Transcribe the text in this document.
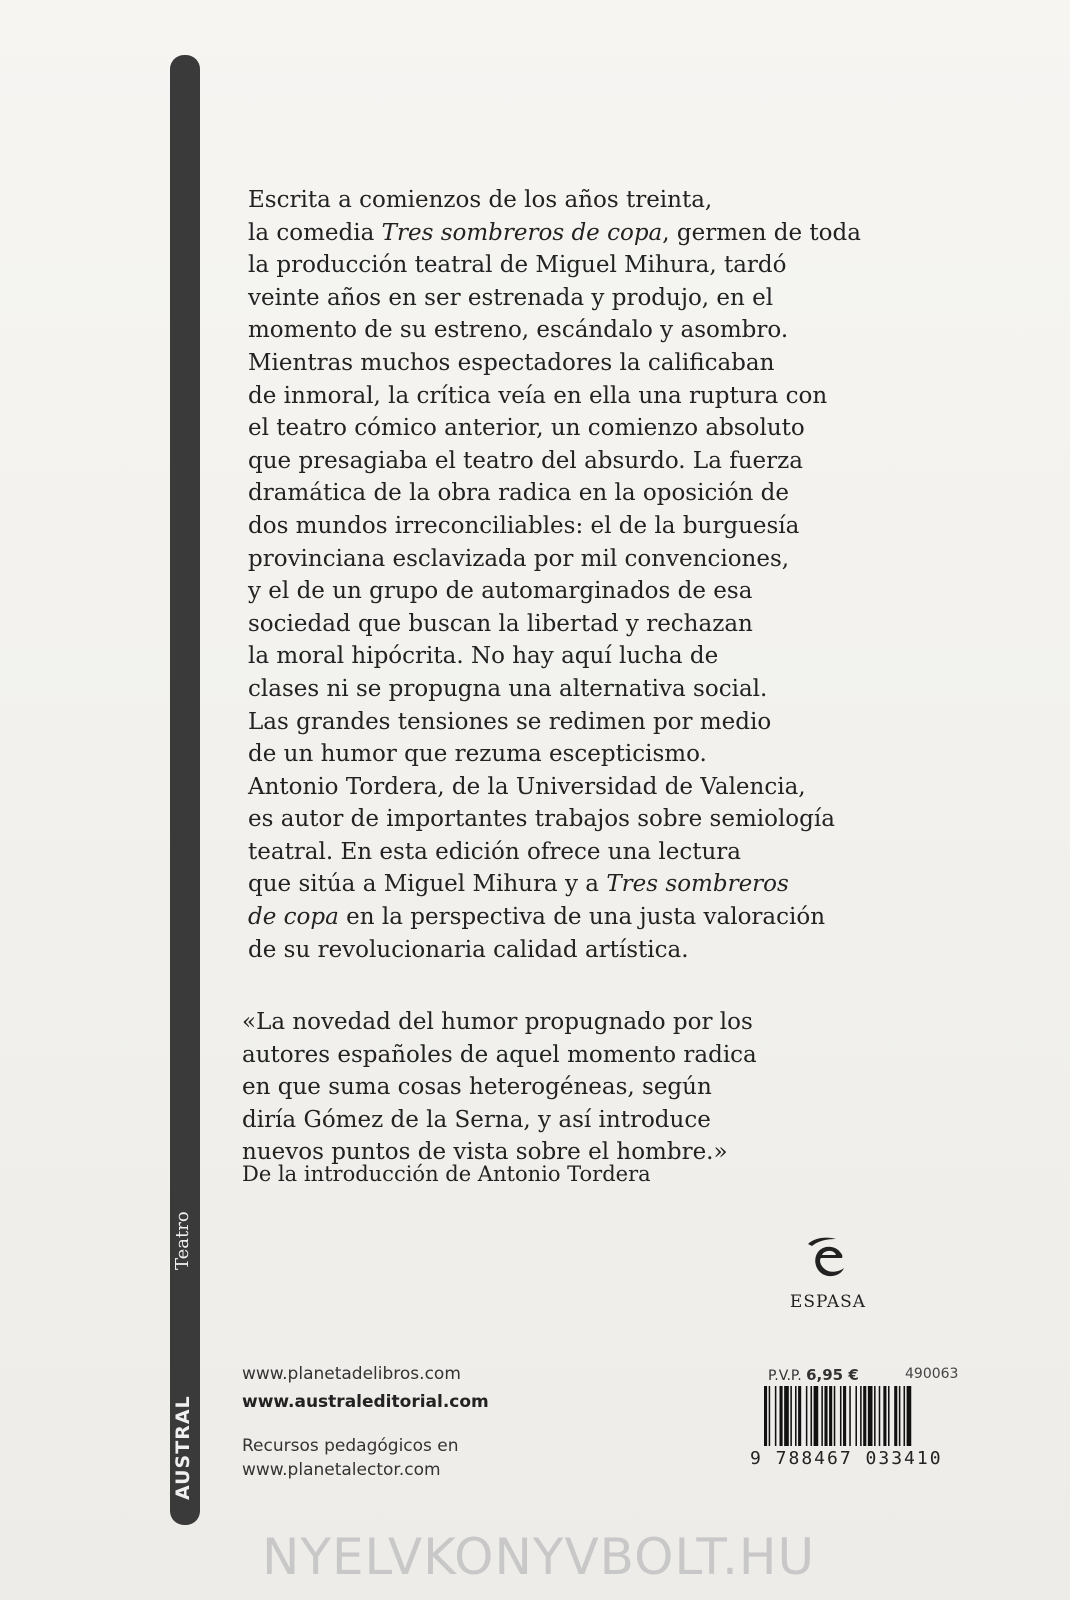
AUSTRAL
Teatro
Escrita a comienzos de los años treinta,
la comedia Tres sombreros de copa, germen de toda
la producción teatral de Miguel Mihura, tardó
veinte años en ser estrenada y produjo, en el
momento de su estreno, escándalo y asombro.
Mientras muchos espectadores la calificaban
de inmoral, la crítica veía en ella una ruptura con
el teatro cómico anterior, un comienzo absoluto
que presagiaba el teatro del absurdo. La fuerza
dramática de la obra radica en la oposición de
dos mundos irreconciliables: el de la burguesía
provinciana esclavizada por mil convenciones,
y el de un grupo de automarginados de esa
sociedad que buscan la libertad y rechazan
la moral hipócrita. No hay aquí lucha de
clases ni se propugna una alternativa social.
Las grandes tensiones se redimen por medio
de un humor que rezuma escepticismo.
Antonio Tordera, de la Universidad de Valencia,
es autor de importantes trabajos sobre semiología
teatral. En esta edición ofrece una lectura
que sitúa a Miguel Mihura y a Tres sombreros
de copa en la perspectiva de una justa valoración
de su revolucionaria calidad artística.
«La novedad del humor propugnado por los
autores españoles de aquel momento radica
en que suma cosas heterogéneas, según
diría Gómez de la Serna, y así introduce
nuevos puntos de vista sobre el hombre.»
De la introducción de Antonio Tordera
ESPASA
www.planetadelibros.com
www.australeditorial.com
Recursos pedagógicos en
www.planetalector.com
P.V.P. 6,95 €	490063
9 788467 033410
NYELVKONYVBOLT.HU
